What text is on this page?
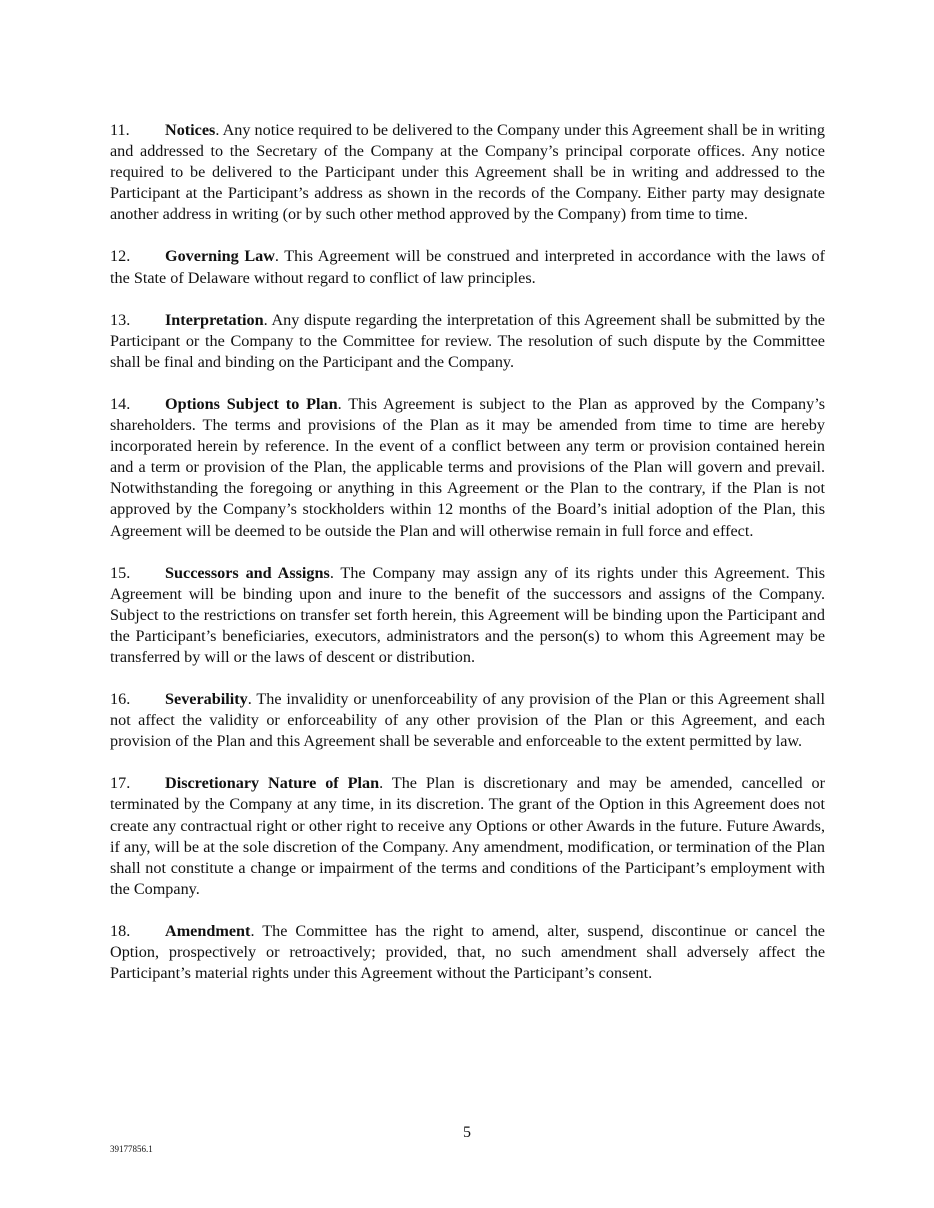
11. Notices. Any notice required to be delivered to the Company under this Agreement shall be in writing and addressed to the Secretary of the Company at the Company’s principal corporate offices. Any notice required to be delivered to the Participant under this Agreement shall be in writing and addressed to the Participant at the Participant’s address as shown in the records of the Company. Either party may designate another address in writing (or by such other method approved by the Company) from time to time.

12. Governing Law. This Agreement will be construed and interpreted in accordance with the laws of the State of Delaware without regard to conflict of law principles.

13. Interpretation. Any dispute regarding the interpretation of this Agreement shall be submitted by the Participant or the Company to the Committee for review. The resolution of such dispute by the Committee shall be final and binding on the Participant and the Company.

14. Options Subject to Plan. This Agreement is subject to the Plan as approved by the Company’s shareholders. The terms and provisions of the Plan as it may be amended from time to time are hereby incorporated herein by reference. In the event of a conflict between any term or provision contained herein and a term or provision of the Plan, the applicable terms and provisions of the Plan will govern and prevail. Notwithstanding the foregoing or anything in this Agreement or the Plan to the contrary, if the Plan is not approved by the Company’s stockholders within 12 months of the Board’s initial adoption of the Plan, this Agreement will be deemed to be outside the Plan and will otherwise remain in full force and effect.

15. Successors and Assigns. The Company may assign any of its rights under this Agreement. This Agreement will be binding upon and inure to the benefit of the successors and assigns of the Company. Subject to the restrictions on transfer set forth herein, this Agreement will be binding upon the Participant and the Participant’s beneficiaries, executors, administrators and the person(s) to whom this Agreement may be transferred by will or the laws of descent or distribution.

16. Severability. The invalidity or unenforceability of any provision of the Plan or this Agreement shall not affect the validity or enforceability of any other provision of the Plan or this Agreement, and each provision of the Plan and this Agreement shall be severable and enforceable to the extent permitted by law.

17. Discretionary Nature of Plan. The Plan is discretionary and may be amended, cancelled or terminated by the Company at any time, in its discretion. The grant of the Option in this Agreement does not create any contractual right or other right to receive any Options or other Awards in the future. Future Awards, if any, will be at the sole discretion of the Company. Any amendment, modification, or termination of the Plan shall not constitute a change or impairment of the terms and conditions of the Participant’s employment with the Company.

18. Amendment. The Committee has the right to amend, alter, suspend, discontinue or cancel the Option, prospectively or retroactively; provided, that, no such amendment shall adversely affect the Participant’s material rights under this Agreement without the Participant’s consent.

5
39177856.1
